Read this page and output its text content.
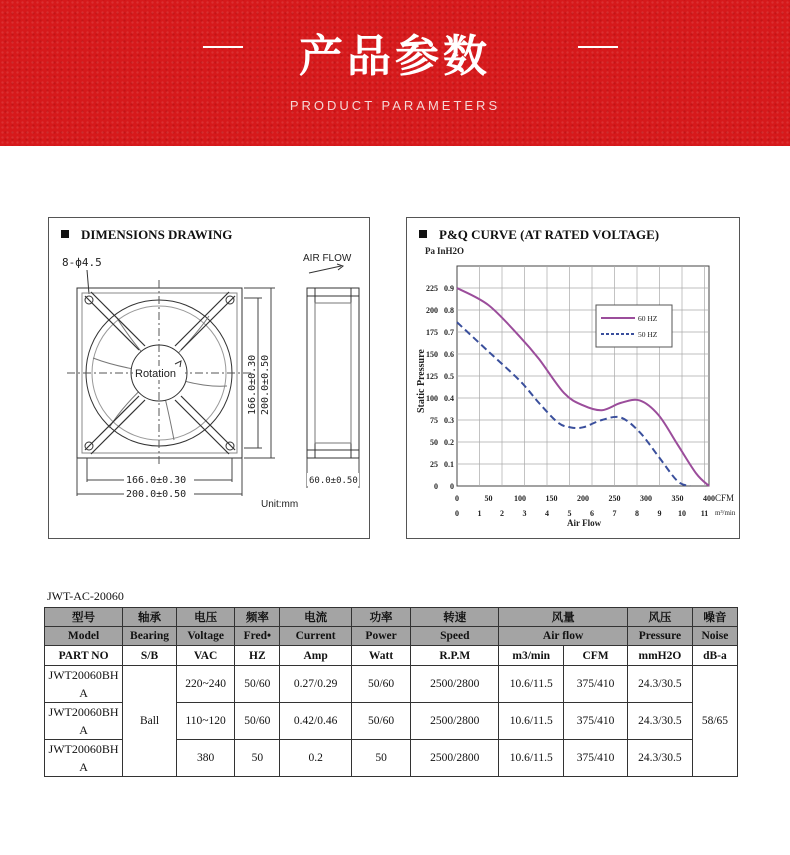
产品参数
PRODUCT PARAMETERS
DIMENSIONS DRAWING
8-ф4.5
Rotation	166.0±0.30 200.0±0.50
166.0±0.30
200.0±0.50
AIR FLOW
60.0±0.50
Unit:mm
P&Q CURVE (AT RATED VOLTAGE)
0 0
25 0.1
50 0.2
75 0.3
100 0.4
125 0.5
150 0.6
175 0.7
200 0.8
225 0.9
0 1 2 3 4 5 6 7 8 9 10 11
0	50	100 150 200 250 300 350 400
Pa InH2O
Static Pressure
Air Flow
CFM
m³/min
60 HZ
50 HZ
JWT-AC-20060
型号	轴承	电压	频率	电流	功率	转速	风量		风压	噪音
Model	Bearing	Voltage	Fred•	Current	Power	Speed	Air flow		Pressure	Noise
PART NO	S/B	VAC	HZ	Amp	Watt	R.P.M	m3/min	CFM	mmH2O	dB-a
JWT20060BH
A	Ball	220~240	50/60	0.27/0.29	50/60	2500/2800	10.6/11.5	375/410	24.3/30.5	58/65
JWT20060BH
A		110~120	50/60	0.42/0.46	50/60	2500/2800	10.6/11.5	375/410	24.3/30.5	
JWT20060BH
A		380	50	0.2	50	2500/2800	10.6/11.5	375/410	24.3/30.5	
